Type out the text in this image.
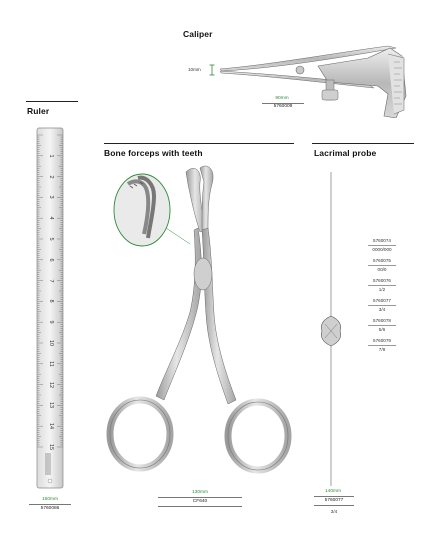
Caliper
10mm
90mm
5760009
Ruler
1
2
3
4
5
6
7
8
9
10
11
12
13
14
15
150mm
5760086
Bone forceps with teeth
130mm
CF640
Lacrimal probe
5760074
0000/000
5760075
00/0
5760076
1/2
5760077
3/4
5760078
5/6
5760079
7/8
140mm
5760077
3/4
